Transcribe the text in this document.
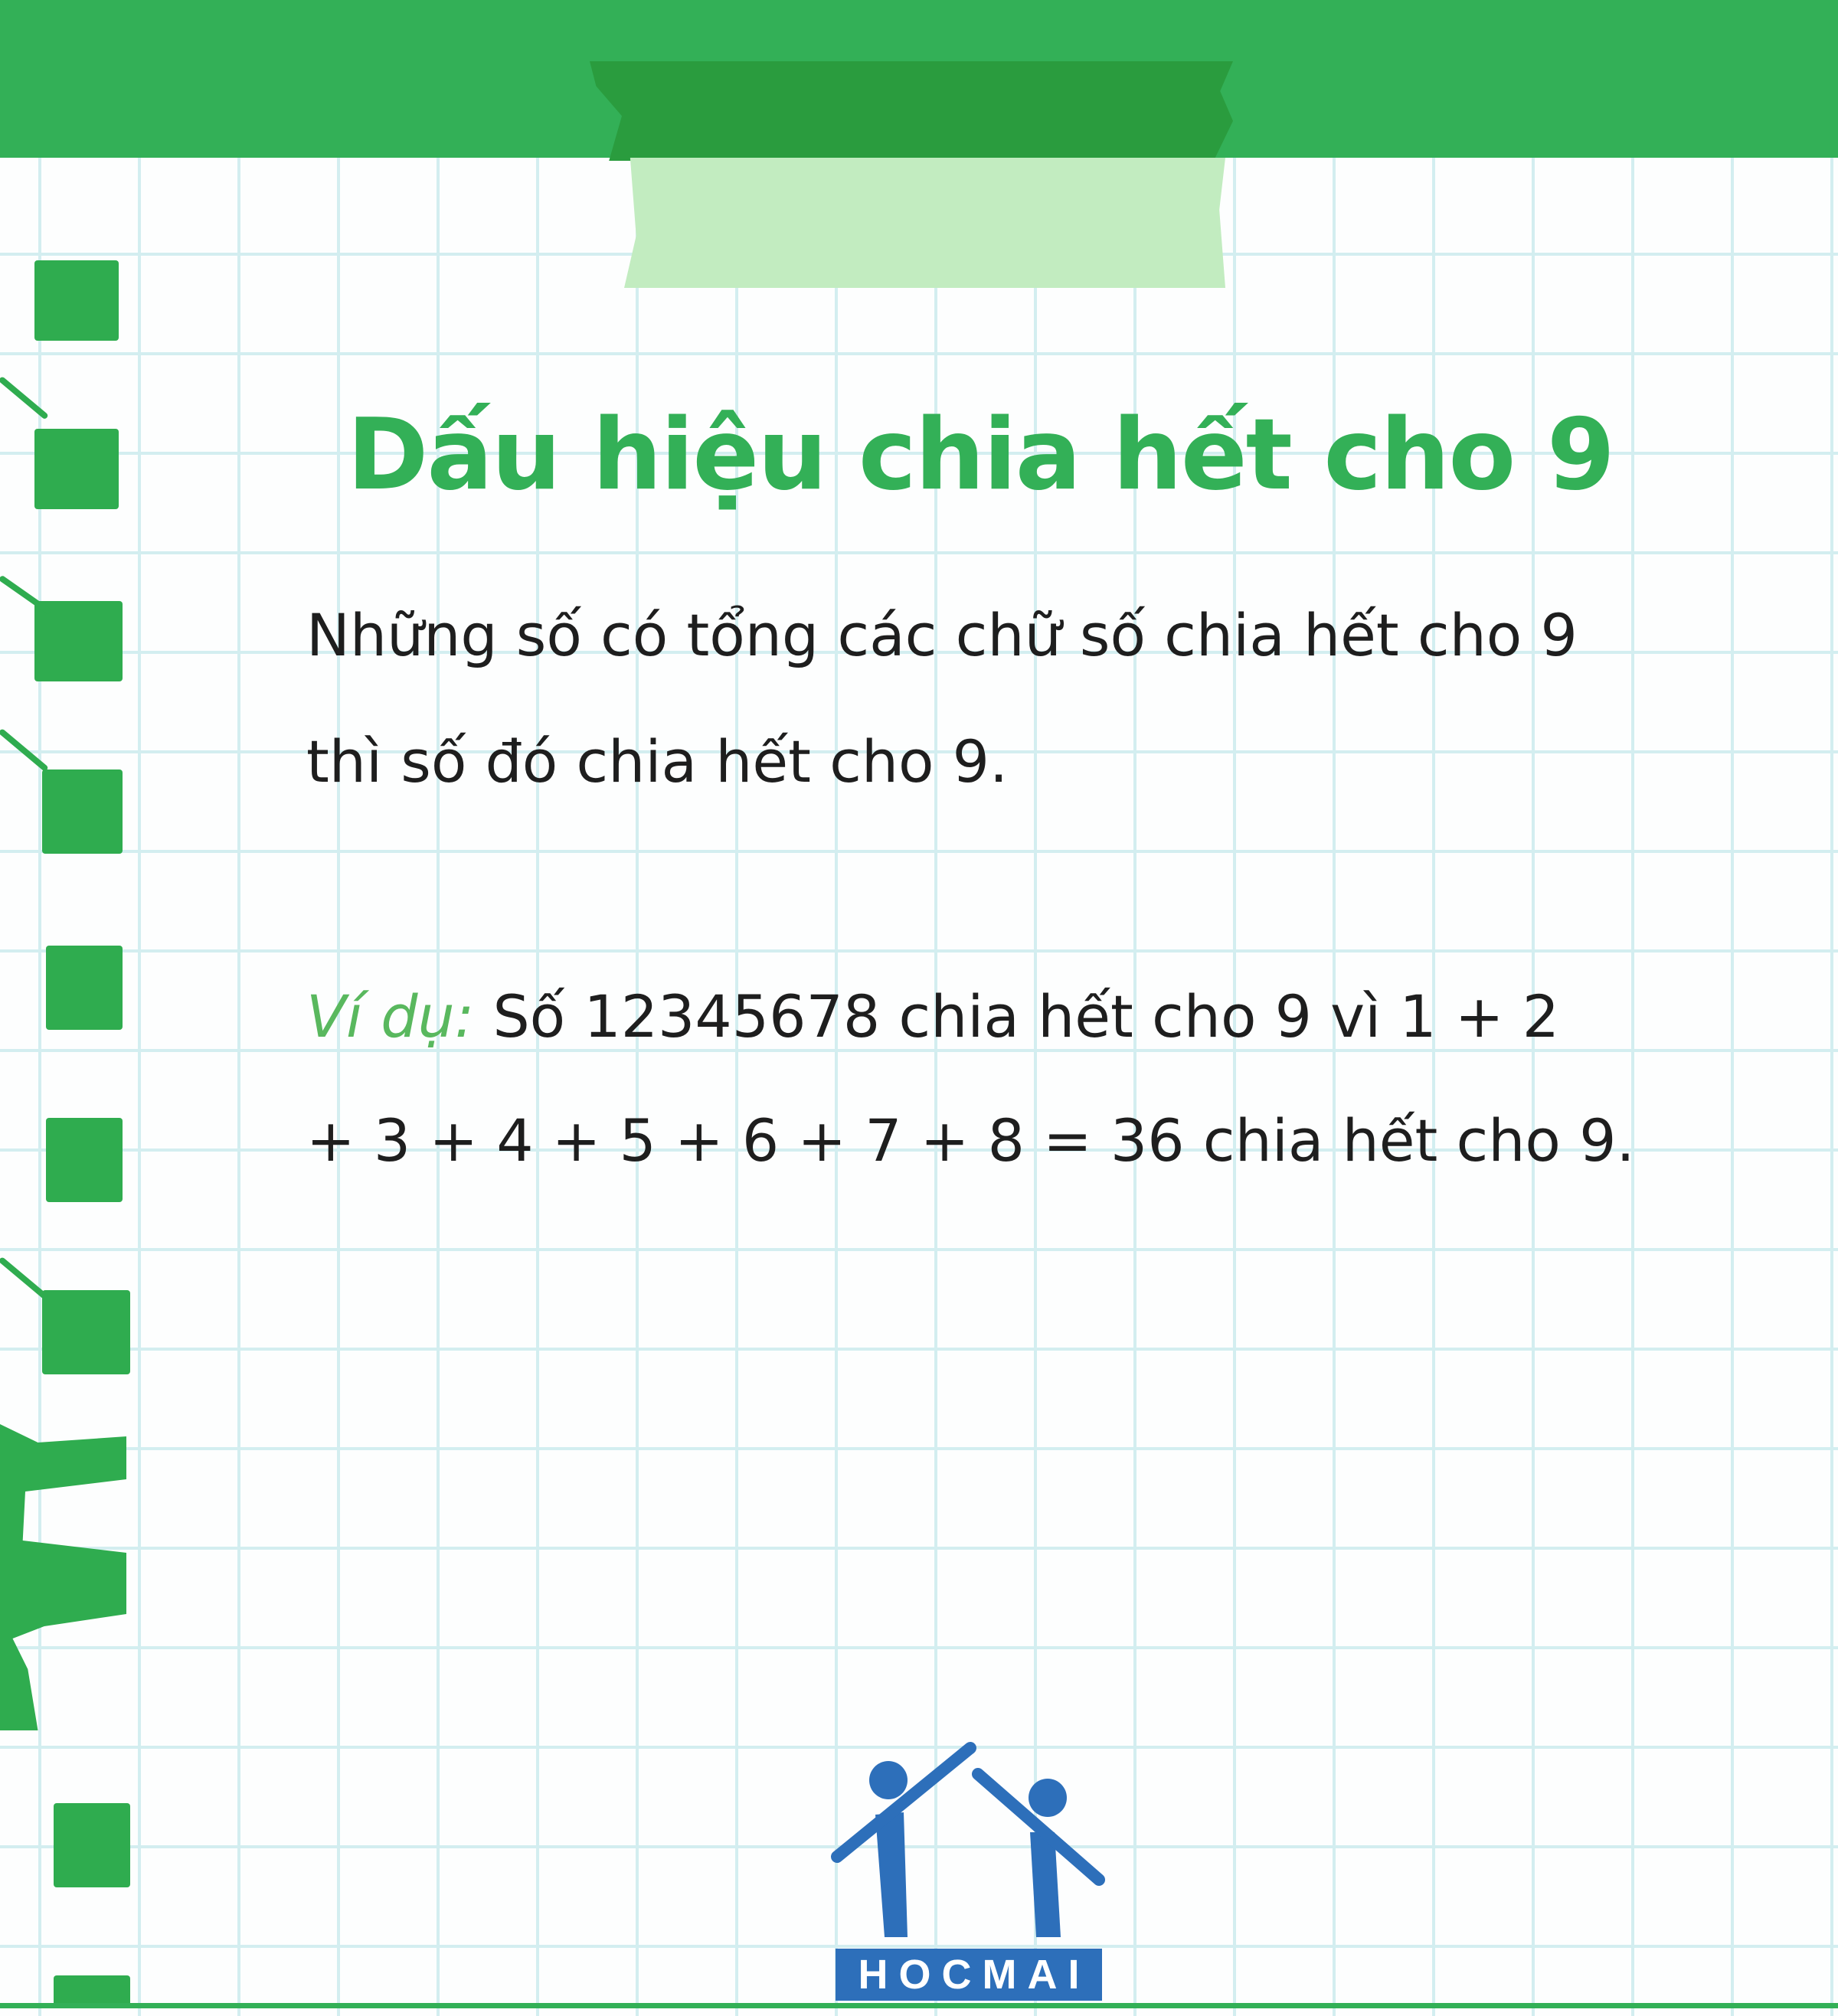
Dấu hiệu chia hết cho 9

Những số có tổng các chữ số chia hết cho 9

thì số đó chia hết cho 9.

Ví dụ: Số 12345678 chia hết cho 9 vì 1 + 2

+ 3 + 4 + 5 + 6 + 7 + 8 = 36 chia hết cho 9.

HOCMAI
